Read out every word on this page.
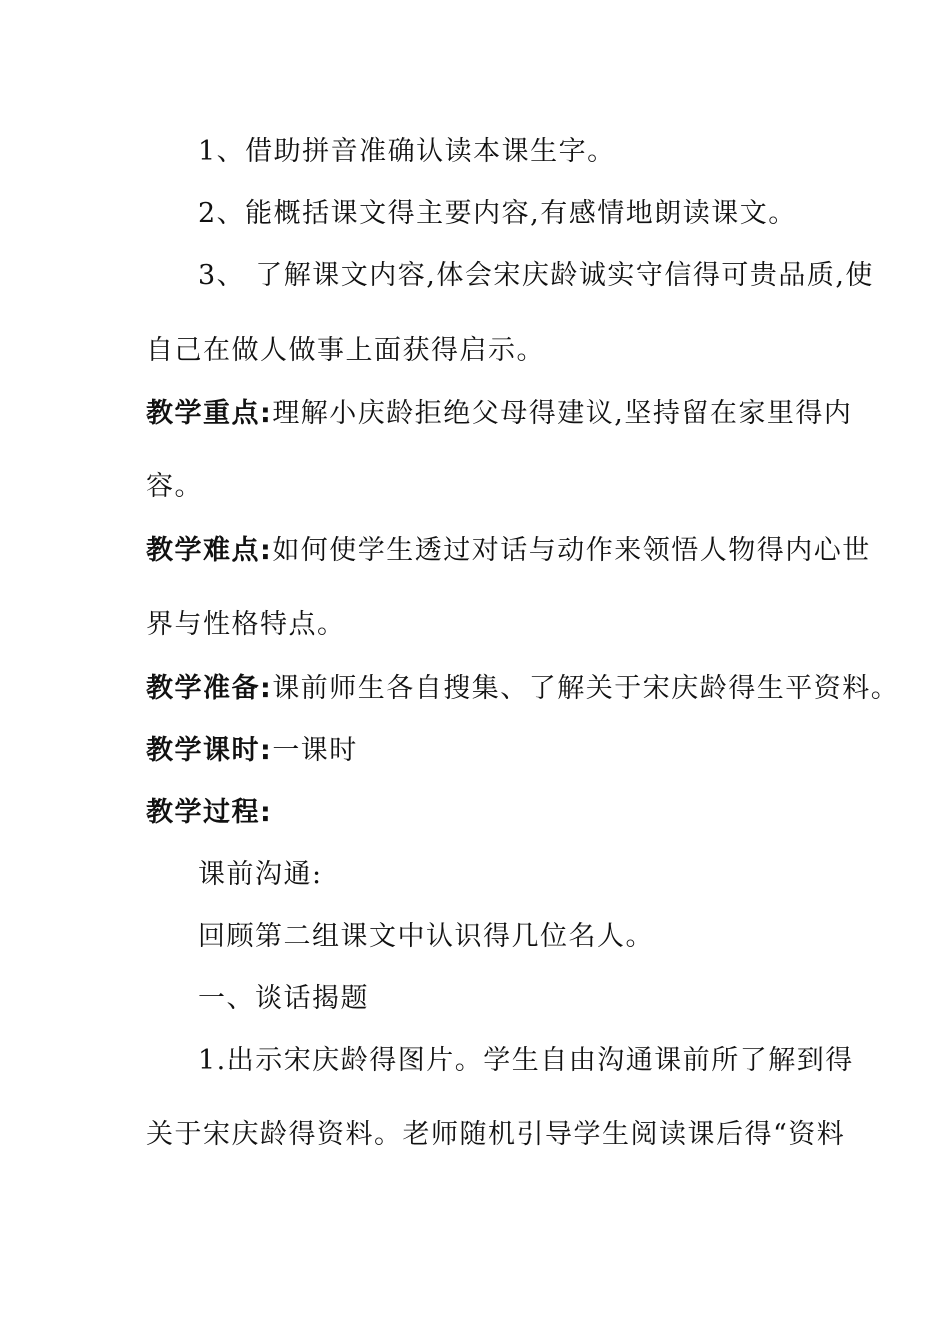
1、借助拼音准确认读本课生字。
2、能概括课文得主要内容,有感情地朗读课文。
3、 了解课文内容,体会宋庆龄诚实守信得可贵品质,使
自己在做人做事上面获得启示。
教学重点:理解小庆龄拒绝父母得建议,坚持留在家里得内
容。
教学难点:如何使学生透过对话与动作来领悟人物得内心世
界与性格特点。
教学准备:课前师生各自搜集、了解关于宋庆龄得生平资料。
教学课时:一课时
教学过程:
课前沟通:
回顾第二组课文中认识得几位名人。
一、谈话揭题
1.出示宋庆龄得图片。学生自由沟通课前所了解到得
关于宋庆龄得资料。老师随机引导学生阅读课后得“资料
